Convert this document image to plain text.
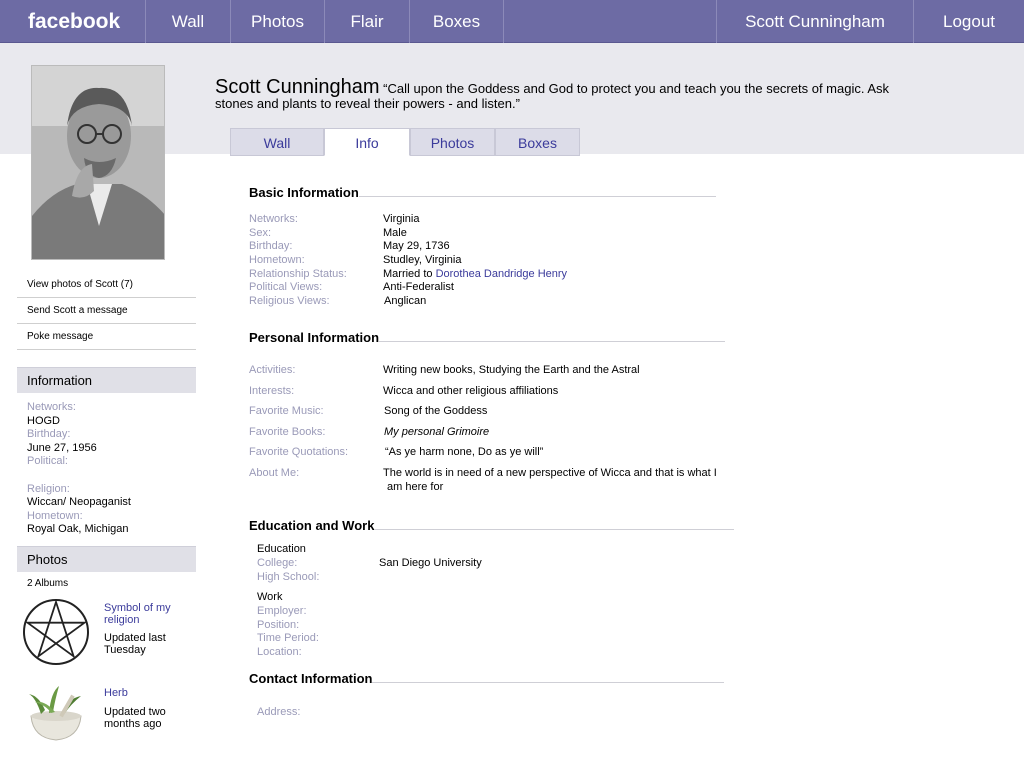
facebook	Wall	Photos	Flair	Boxes	Scott Cunningham	Logout
Scott Cunningham “Call upon the Goddess and God to protect you and teach you the secrets of magic. Ask stones and plants to reveal their powers - and listen.”
Wall	Info	Photos	Boxes
View photos of Scott (7)
Send Scott a message
Poke message
Information
Networks:
HOGD
Birthday:
June 27, 1956
Political:
Religion:
Wiccan/ Neopaganist
Hometown:
Royal Oak, Michigan
Photos
2 Albums
Symbol of my religion
Updated last Tuesday
Herb
Updated two months ago
Basic Information
Networks:	Virginia
Sex:	Male
Birthday:	May 29, 1736
Hometown:	Studley, Virginia
Relationship Status:	Married to Dorothea Dandridge Henry
Political Views:	Anti-Federalist
Religious Views:	Anglican
Personal Information
Activities:	Writing new books, Studying the Earth and the Astral
Interests:	Wicca and other religious affiliations
Favorite Music:	Song of the Goddess
Favorite Books:	My personal Grimoire
Favorite Quotations:	“As ye harm none, Do as ye will”
About Me:	The world is in need of a new perspective of Wicca and that is what I
am here for
Education and Work
Education
College:	San Diego University
High School:
Work
Employer:
Position:
Time Period:
Location:
Contact Information
Address:
